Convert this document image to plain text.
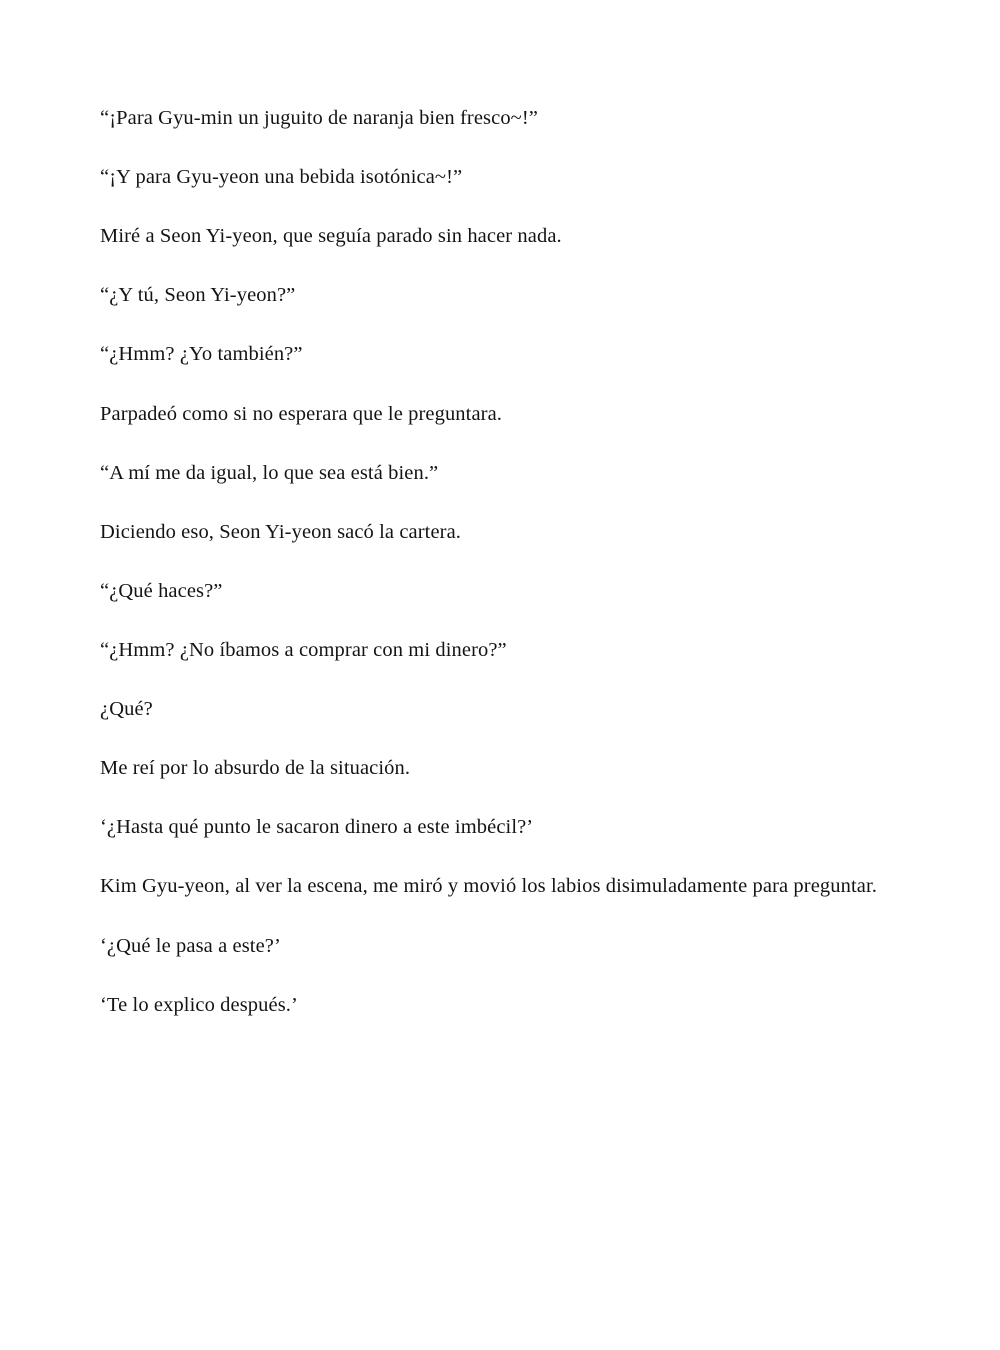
“¡Para Gyu-min un juguito de naranja bien fresco~!”

“¡Y para Gyu-yeon una bebida isotónica~!”

Miré a Seon Yi-yeon, que seguía parado sin hacer nada.

“¿Y tú, Seon Yi-yeon?”

“¿Hmm? ¿Yo también?”

Parpadeó como si no esperara que le preguntara.

“A mí me da igual, lo que sea está bien.”

Diciendo eso, Seon Yi-yeon sacó la cartera.

“¿Qué haces?”

“¿Hmm? ¿No íbamos a comprar con mi dinero?”

¿Qué?

Me reí por lo absurdo de la situación.

‘¿Hasta qué punto le sacaron dinero a este imbécil?’

Kim Gyu-yeon, al ver la escena, me miró y movió los labios disimuladamente para preguntar.

‘¿Qué le pasa a este?’

‘Te lo explico después.’
